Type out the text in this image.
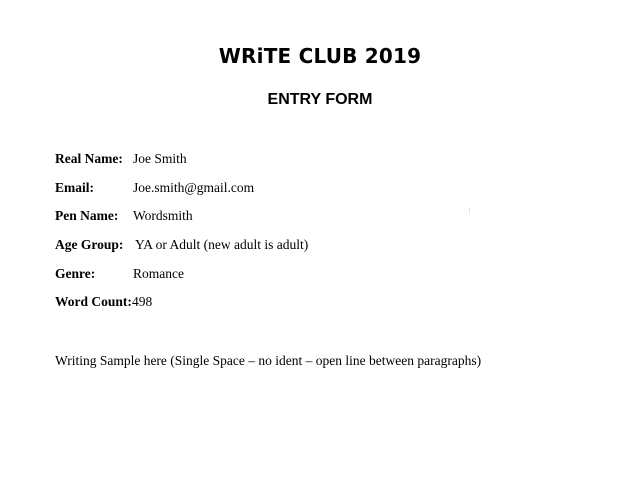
WRiTE CLUB 2019
ENTRY FORM
Real Name: Joe Smith
Email:	Joe.smith@gmail.com
Pen Name: Wordsmith
Age Group: YA or Adult (new adult is adult)
Genre:	Romance
Word Count: 498
Writing Sample here (Single Space – no ident – open line between paragraphs)
